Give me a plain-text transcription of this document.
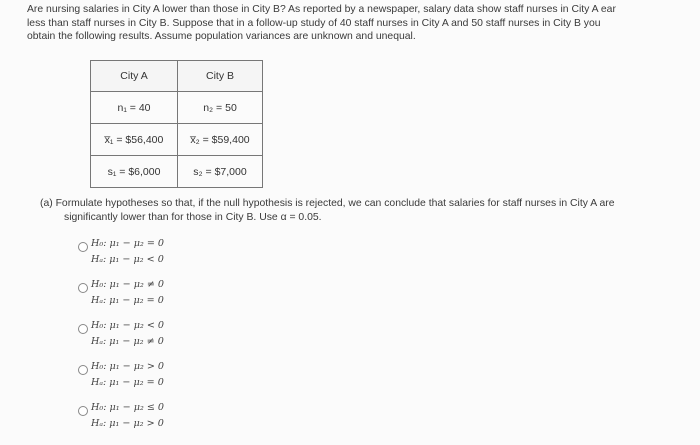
Are nursing salaries in City A lower than those in City B? As reported by a newspaper, salary data show staff nurses in City A ear
less than staff nurses in City B. Suppose that in a follow-up study of 40 staff nurses in City A and 50 staff nurses in City B you
obtain the following results. Assume population variances are unknown and unequal.
City A	City B
n₁ = 40	n₂ = 50
x̅₁ = $56,400	x̅₂ = $59,400
s₁ = $6,000	s₂ = $7,000
(a) Formulate hypotheses so that, if the null hypothesis is rejected, we can conclude that salaries for staff nurses in City A are
significantly lower than for those in City B. Use α = 0.05.
H₀: μ₁ − μ₂ = 0
Hₐ: μ₁ − μ₂ < 0
H₀: μ₁ − μ₂ ≠ 0
Hₐ: μ₁ − μ₂ = 0
H₀: μ₁ − μ₂ < 0
Hₐ: μ₁ − μ₂ ≠ 0
H₀: μ₁ − μ₂ > 0
Hₐ: μ₁ − μ₂ = 0
H₀: μ₁ − μ₂ ≤ 0
Hₐ: μ₁ − μ₂ > 0
